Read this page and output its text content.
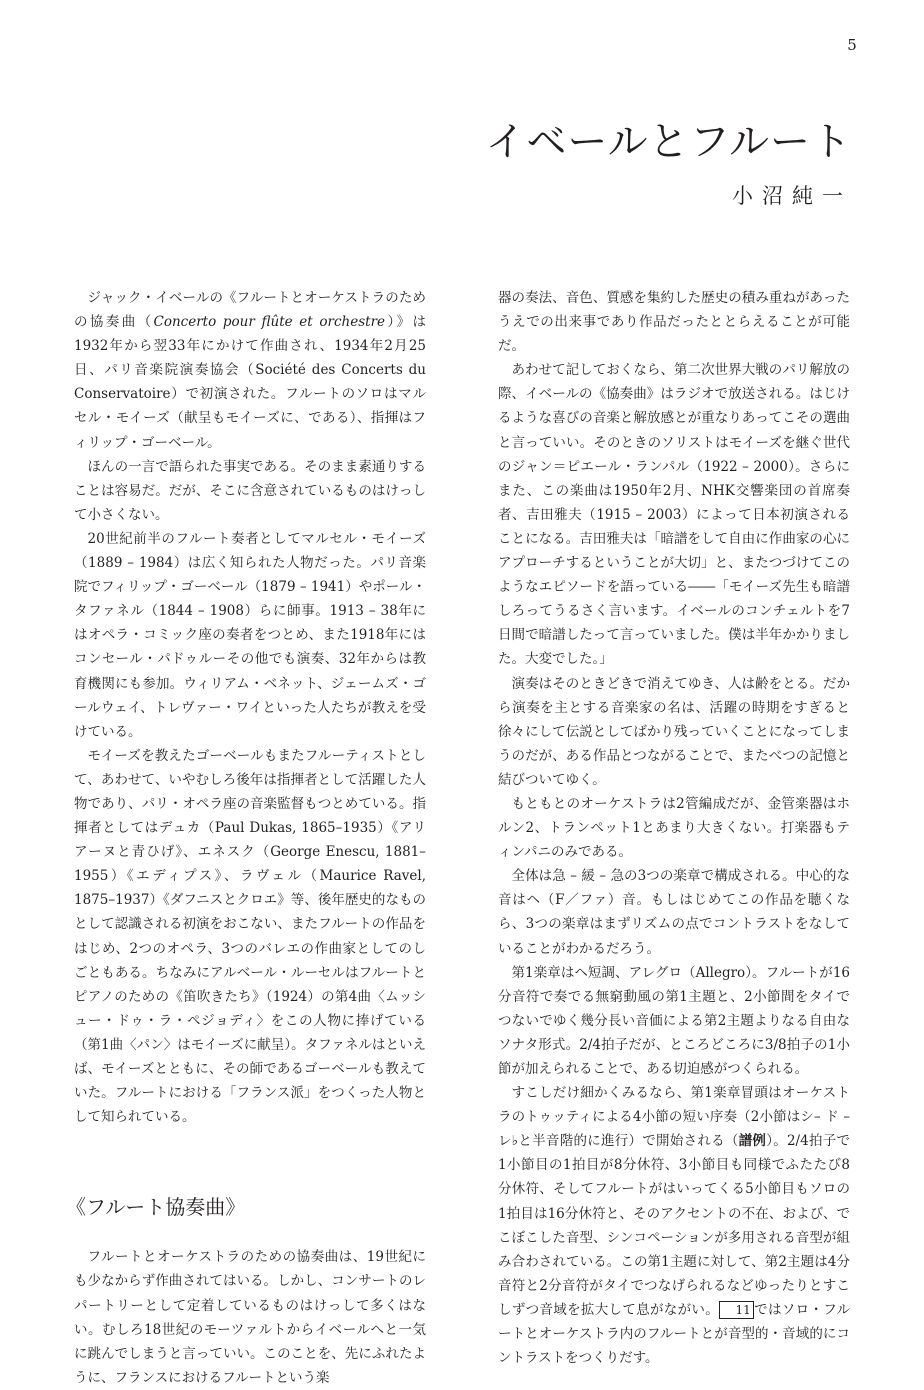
5
イベールとフルート
小沼純一

ジャック・イベールの《フルートとオーケストラのための協奏曲（Concerto pour flûte et orchestre）》は1932年から翌33年にかけて作曲され、1934年2月25日、パリ音楽院演奏協会（Société des Concerts du Conservatoire）で初演された。フルートのソロはマルセル・モイーズ（献呈もモイーズに、である）、指揮はフィリップ・ゴーベール。

ほんの一言で語られた事実である。そのまま素通りすることは容易だ。だが、そこに含意されているものはけっして小さくない。

20世紀前半のフルート奏者としてマルセル・モイーズ（1889 – 1984）は広く知られた人物だった。パリ音楽院でフィリップ・ゴーベール（1879 – 1941）やポール・タファネル（1844 – 1908）らに師事。1913 – 38年にはオペラ・コミック座の奏者をつとめ、また1918年にはコンセール・パドゥルーその他でも演奏、32年からは教育機関にも参加。ウィリアム・ベネット、ジェームズ・ゴールウェイ、トレヴァー・ワイといった人たちが教えを受けている。

モイーズを教えたゴーベールもまたフルーティストとして、あわせて、いやむしろ後年は指揮者として活躍した人物であり、パリ・オペラ座の音楽監督もつとめている。指揮者としてはデュカ（Paul Dukas, 1865–1935）《アリアーヌと青ひげ》、エネスク（George Enescu, 1881–1955）《エディプス》、ラヴェル（Maurice Ravel, 1875–1937）《ダフニスとクロエ》等、後年歴史的なものとして認識される初演をおこない、またフルートの作品をはじめ、2つのオペラ、3つのバレエの作曲家としてのしごともある。ちなみにアルベール・ルーセルはフルートとピアノのための《笛吹きたち》（1924）の第4曲〈ムッシュー・ドゥ・ラ・ペジョディ〉をこの人物に捧げている（第1曲〈パン〉はモイーズに献呈）。タファネルはといえば、モイーズとともに、その師であるゴーベールも教えていた。フルートにおける「フランス派」をつくった人物として知られている。

《フルート協奏曲》

フルートとオーケストラのための協奏曲は、19世紀にも少なからず作曲されてはいる。しかし、コンサートのレパートリーとして定着しているものはけっして多くはない。むしろ18世紀のモーツァルトからイベールへと一気に跳んでしまうと言っていい。このことを、先にふれたように、フランスにおけるフルートという楽

器の奏法、音色、質感を集約した歴史の積み重ねがあったうえでの出来事であり作品だったととらえることが可能だ。

あわせて記しておくなら、第二次世界大戦のパリ解放の際、イベールの《協奏曲》はラジオで放送される。はじけるような喜びの音楽と解放感とが重なりあってこその選曲と言っていい。そのときのソリストはモイーズを継ぐ世代のジャン＝ピエール・ランパル（1922 – 2000）。さらにまた、この楽曲は1950年2月、NHK交響楽団の首席奏者、吉田雅夫（1915 – 2003）によって日本初演されることになる。吉田雅夫は「暗譜をして自由に作曲家の心にアプローチするということが大切」と、またつづけてこのようなエピソードを語っている――「モイーズ先生も暗譜しろってうるさく言います。イベールのコンチェルトを7日間で暗譜したって言っていました。僕は半年かかりました。大変でした。」

演奏はそのときどきで消えてゆき、人は齢をとる。だから演奏を主とする音楽家の名は、活躍の時期をすぎると徐々にして伝説としてばかり残っていくことになってしまうのだが、ある作品とつながることで、またべつの記憶と結びついてゆく。

もともとのオーケストラは2管編成だが、金管楽器はホルン2、トランペット1とあまり大きくない。打楽器もティンパニのみである。

全体は急 – 緩 – 急の3つの楽章で構成される。中心的な音はヘ（F／ファ）音。もしはじめてこの作品を聴くなら、3つの楽章はまずリズムの点でコントラストをなしていることがわかるだろう。

第1楽章はヘ短調、アレグロ（Allegro）。フルートが16分音符で奏でる無窮動風の第1主題と、2小節間をタイでつないでゆく幾分長い音価による第2主題よりなる自由なソナタ形式。2/4拍子だが、ところどころに3/8拍子の1小節が加えられることで、ある切迫感がつくられる。

すこしだけ細かくみるなら、第1楽章冒頭はオーケストラのトゥッティによる4小節の短い序奏（2小節はシ– ド – レ♭と半音階的に進行）で開始される（譜例）。2/4拍子で1小節目の1拍目が8分休符、3小節目も同様でふたたび8分休符、そしてフルートがはいってくる5小節目もソロの1拍目は16分休符と、そのアクセントの不在、および、でこぼこした音型、シンコペーションが多用される音型が組み合わされている。この第1主題に対して、第2主題は4分音符と2分音符がタイでつなげられるなどゆったりとすこしずつ音域を拡大して息がながい。 11 ではソロ・フルートとオーケストラ内のフルートとが音型的・音域的にコントラストをつくりだす。
